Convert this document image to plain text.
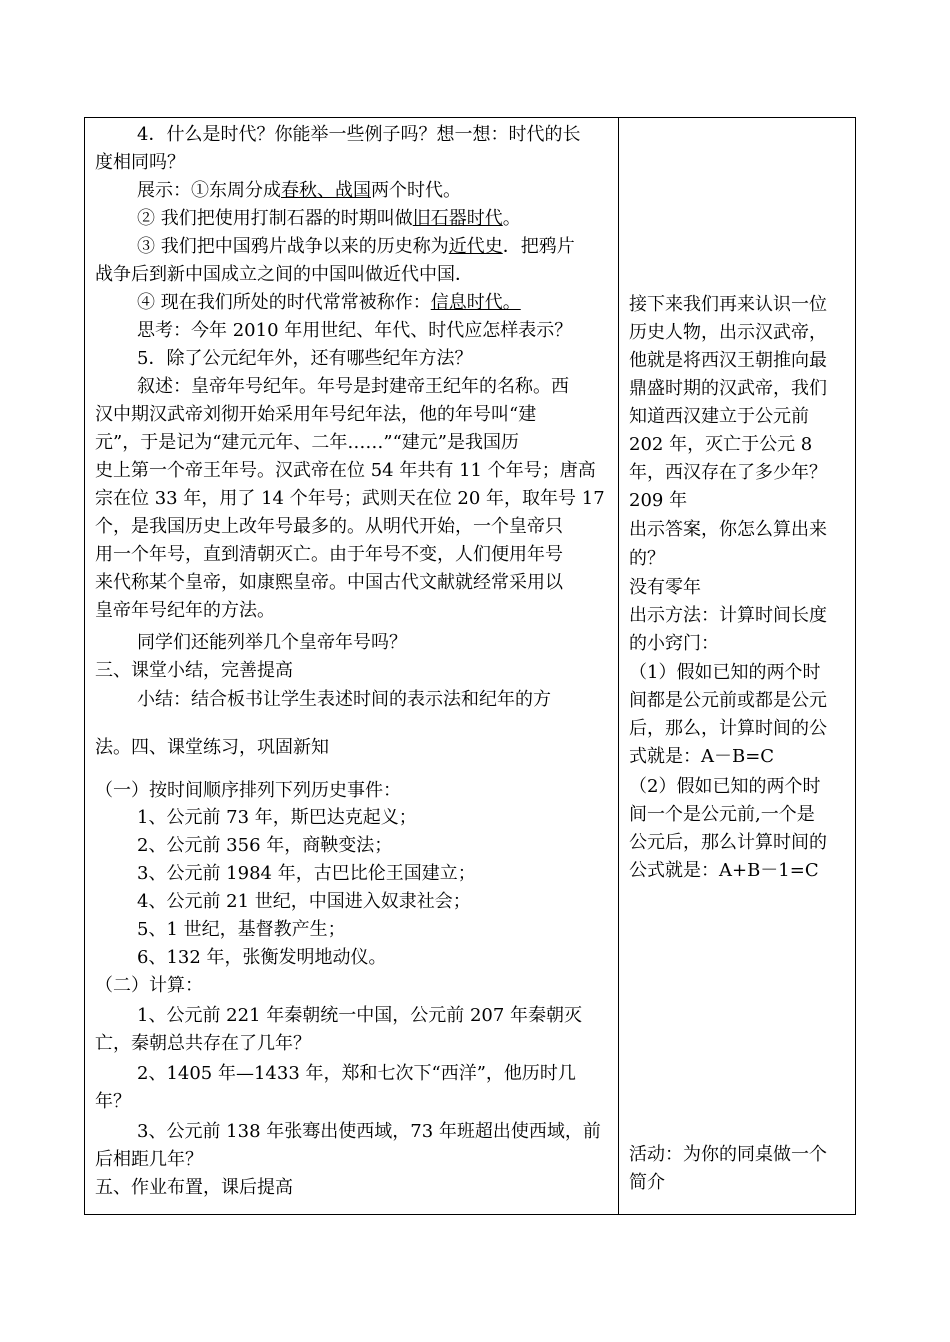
4．什么是时代？你能举一些例子吗？想一想：时代的长
度相同吗？
展示：①东周分成春秋、战国两个时代。
② 我们把使用打制石器的时期叫做旧石器时代。
③ 我们把中国鸦片战争以来的历史称为近代史．把鸦片
战争后到新中国成立之间的中国叫做近代中国．
④ 现在我们所处的时代常常被称作：信息时代。
思考：今年 2010 年用世纪、年代、时代应怎样表示？
5．除了公元纪年外，还有哪些纪年方法？
叙述：皇帝年号纪年。年号是封建帝王纪年的名称。西
汉中期汉武帝刘彻开始采用年号纪年法，他的年号叫“建
元”，于是记为“建元元年、二年……”“建元”是我国历
史上第一个帝王年号。汉武帝在位 54 年共有 11 个年号；唐高
宗在位 33 年，用了 14 个年号；武则天在位 20 年，取年号 17
个，是我国历史上改年号最多的。从明代开始，一个皇帝只
用一个年号，直到清朝灭亡。由于年号不变，人们便用年号
来代称某个皇帝，如康熙皇帝。中国古代文献就经常采用以
皇帝年号纪年的方法。
同学们还能列举几个皇帝年号吗？
三、课堂小结，完善提高
小结：结合板书让学生表述时间的表示法和纪年的方
法。四、课堂练习，巩固新知
（一）按时间顺序排列下列历史事件：
1、公元前 73 年，斯巴达克起义；
2、公元前 356 年，商鞅变法；
3、公元前 1984 年，古巴比伦王国建立；
4、公元前 21 世纪，中国进入奴隶社会；
5、1 世纪，基督教产生；
6、132 年，张衡发明地动仪。
（二）计算：
1、公元前 221 年秦朝统一中国，公元前 207 年秦朝灭
亡，秦朝总共存在了几年？
2、1405 年—1433 年，郑和七次下“西洋”，他历时几
年？
3、公元前 138 年张骞出使西域，73 年班超出使西域，前
后相距几年？
五、作业布置，课后提高
接下来我们再来认识一位
历史人物，出示汉武帝，
他就是将西汉王朝推向最
鼎盛时期的汉武帝，我们
知道西汉建立于公元前
202 年，灭亡于公元 8
年，西汉存在了多少年？
209 年
出示答案，你怎么算出来
的？
没有零年
出示方法：计算时间长度
的小窍门：
（1）假如已知的两个时
间都是公元前或都是公元
后，那么，计算时间的公
式就是：A－B=C
（2）假如已知的两个时
间一个是公元前,一个是
公元后，那么计算时间的
公式就是：A+B－1=C
活动：为你的同桌做一个
简介
